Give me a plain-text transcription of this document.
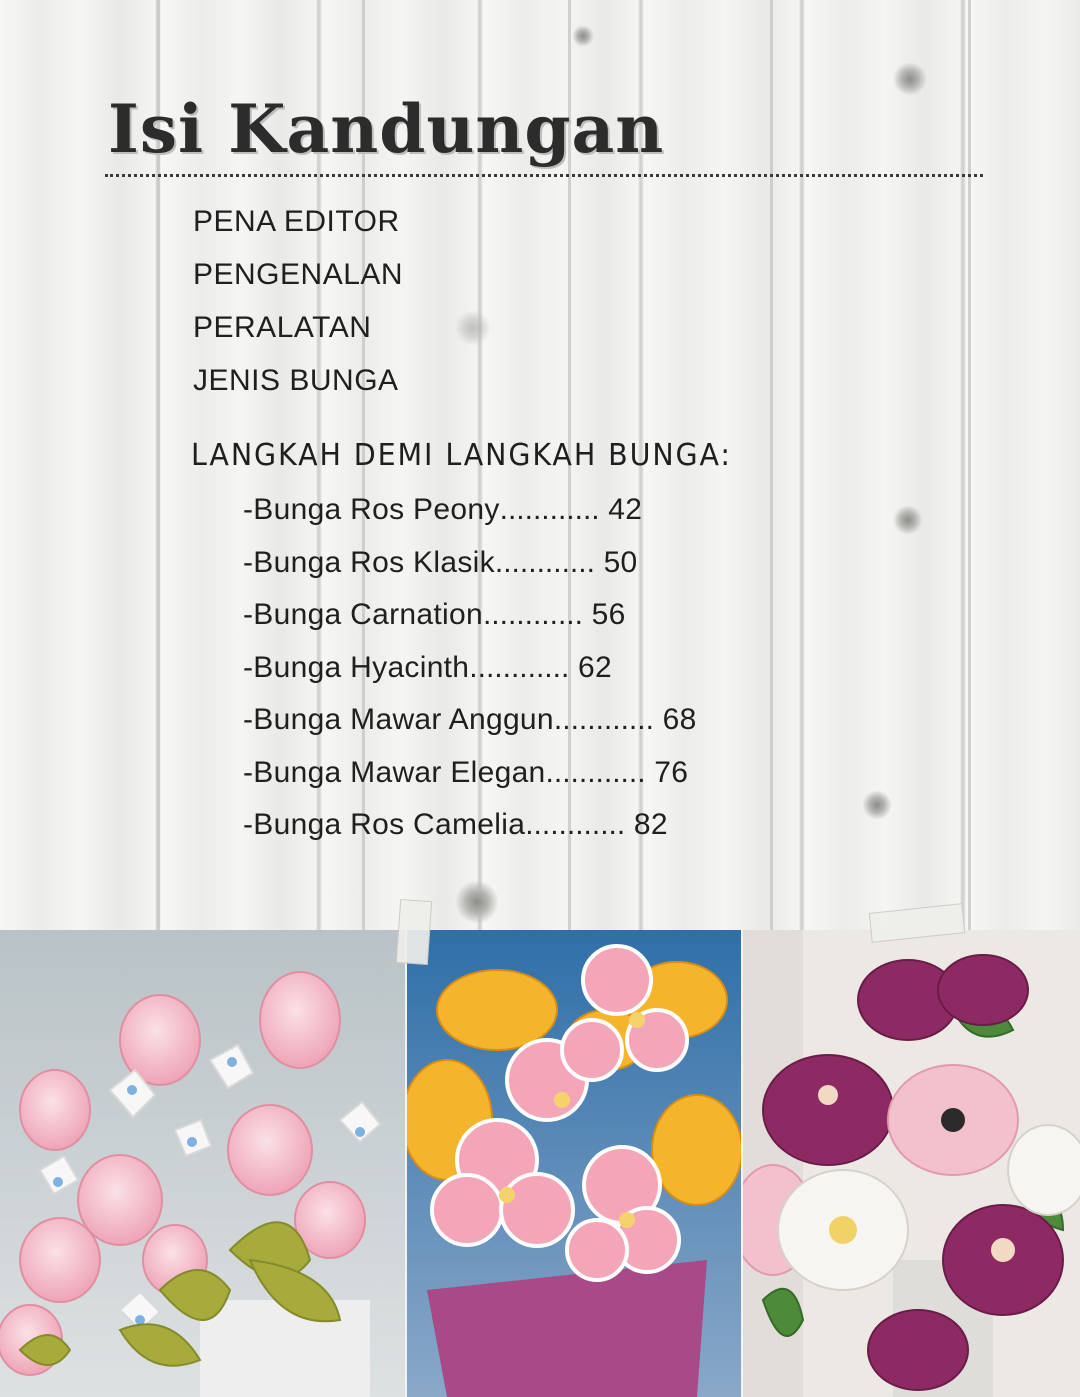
Isi Kandungan
PENA EDITOR
PENGENALAN
PERALATAN
JENIS BUNGA
LANGKAH DEMI LANGKAH BUNGA:
-Bunga Ros Peony............ 42
-Bunga Ros Klasik............ 50
-Bunga Carnation............ 56
-Bunga Hyacinth............ 62
-Bunga Mawar Anggun............ 68
-Bunga Mawar Elegan............ 76
-Bunga Ros Camelia............ 82
